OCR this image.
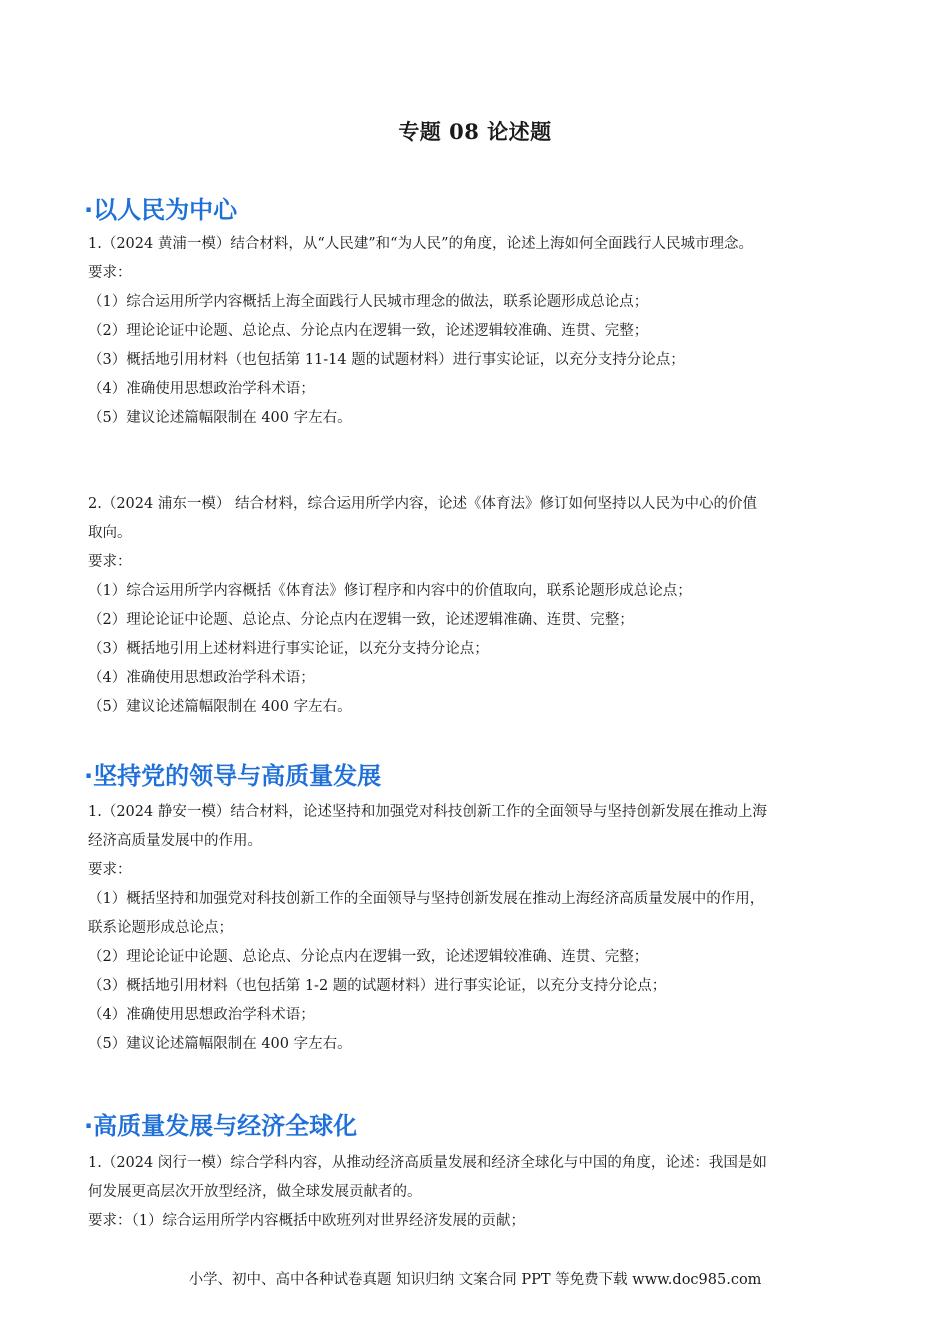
专题 08 论述题
·以人民为中心
1.（2024 黄浦一模）结合材料，从“人民建”和“为人民”的角度，论述上海如何全面践行人民城市理念。
要求：
（1）综合运用所学内容概括上海全面践行人民城市理念的做法，联系论题形成总论点；
（2）理论论证中论题、总论点、分论点内在逻辑一致，论述逻辑较准确、连贯、完整；
（3）概括地引用材料（也包括第 11-14 题的试题材料）进行事实论证，以充分支持分论点；
（4）准确使用思想政治学科术语；
（5）建议论述篇幅限制在 400 字左右。
2.（2024 浦东一模） 结合材料，综合运用所学内容，论述《体育法》修订如何坚持以人民为中心的价值
取向。
要求：
（1）综合运用所学内容概括《体育法》修订程序和内容中的价值取向，联系论题形成总论点；
（2）理论论证中论题、总论点、分论点内在逻辑一致，论述逻辑准确、连贯、完整；
（3）概括地引用上述材料进行事实论证，以充分支持分论点；
（4）准确使用思想政治学科术语；
（5）建议论述篇幅限制在 400 字左右。
·坚持党的领导与高质量发展
1.（2024 静安一模）结合材料，论述坚持和加强党对科技创新工作的全面领导与坚持创新发展在推动上海
经济高质量发展中的作用。
要求：
（1）概括坚持和加强党对科技创新工作的全面领导与坚持创新发展在推动上海经济高质量发展中的作用，
联系论题形成总论点；
（2）理论论证中论题、总论点、分论点内在逻辑一致，论述逻辑较准确、连贯、完整；
（3）概括地引用材料（也包括第 1-2 题的试题材料）进行事实论证，以充分支持分论点；
（4）准确使用思想政治学科术语；
（5）建议论述篇幅限制在 400 字左右。
·高质量发展与经济全球化
1.（2024 闵行一模）综合学科内容，从推动经济高质量发展和经济全球化与中国的角度，论述：我国是如
何发展更高层次开放型经济，做全球发展贡献者的。
要求：（1）综合运用所学内容概括中欧班列对世界经济发展的贡献；
小学、初中、高中各种试卷真题 知识归纳 文案合同 PPT 等免费下载 www.doc985.com
